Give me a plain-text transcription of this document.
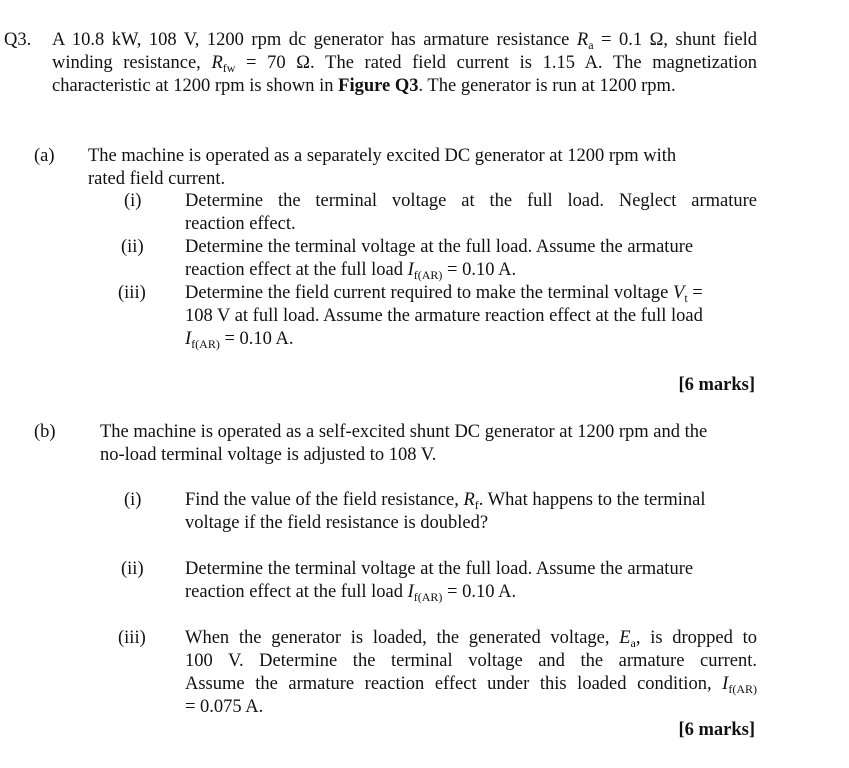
Q3. A 10.8 kW, 108 V, 1200 rpm dc generator has armature resistance $R_a = 0.1$ Ω, shunt field
winding resistance, $R_{fw} = 70$ Ω. The rated field current is 1.15 A. The magnetization
characteristic at 1200 rpm is shown in Figure Q3. The generator is run at 1200 rpm.
(a) The machine is operated as a separately excited DC generator at 1200 rpm with
rated field current.
(i) Determine the terminal voltage at the full load. Neglect armature
reaction effect.
(ii) Determine the terminal voltage at the full load. Assume the armature
reaction effect at the full load $I_{f(AR)} = 0.10$ A.
(iii) Determine the field current required to make the terminal voltage $V_t$ =
108 V at full load. Assume the armature reaction effect at the full load
$I_{f(AR)} = 0.10$ A.
[6 marks]
(b) The machine is operated as a self-excited shunt DC generator at 1200 rpm and the
no-load terminal voltage is adjusted to 108 V.
(i) Find the value of the field resistance, $R_f$. What happens to the terminal
voltage if the field resistance is doubled?
(ii) Determine the terminal voltage at the full load. Assume the armature
reaction effect at the full load $I_{f(AR)} = 0.10$ A.
(iii) When the generator is loaded, the generated voltage, $E_a$, is dropped to
100 V. Determine the terminal voltage and the armature current.
Assume the armature reaction effect under this loaded condition, $I_{f(AR)}$
= 0.075 A.
[6 marks]
